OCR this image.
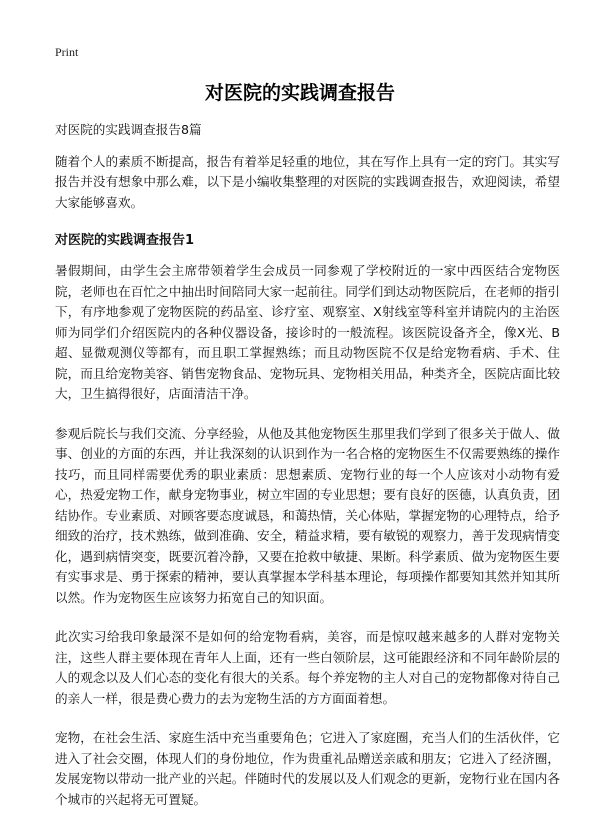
Print
对医院的实践调查报告

对医院的实践调查报告8篇

随着个人的素质不断提高，报告有着举足轻重的地位，其在写作上具有一定的窍门。其实写报告并没有想象中那么难，以下是小编收集整理的对医院的实践调查报告，欢迎阅读，希望大家能够喜欢。

对医院的实践调查报告1

暑假期间，由学生会主席带领着学生会成员一同参观了学校附近的一家中西医结合宠物医院，老师也在百忙之中抽出时间陪同大家一起前往。同学们到达动物医院后，在老师的指引下，有序地参观了宠物医院的药品室、诊疗室、观察室、X射线室等科室并请院内的主治医师为同学们介绍医院内的各种仪器设备，接诊时的一般流程。该医院设备齐全，像X光、B超、显微观测仪等都有，而且职工掌握熟练；而且动物医院不仅是给宠物看病、手术、住院，而且给宠物美容、销售宠物食品、宠物玩具、宠物相关用品，种类齐全，医院店面比较大，卫生搞得很好，店面清洁干净。

参观后院长与我们交流、分享经验，从他及其他宠物医生那里我们学到了很多关于做人、做事、创业的方面的东西，并让我深刻的认识到作为一名合格的宠物医生不仅需要熟练的操作技巧，而且同样需要优秀的职业素质：思想素质、宠物行业的每一个人应该对小动物有爱心，热爱宠物工作，献身宠物事业，树立牢固的专业思想；要有良好的医德，认真负责，团结协作。专业素质、对顾客要态度诚恳，和蔼热情，关心体贴，掌握宠物的心理特点，给予细致的治疗，技术熟练，做到准确、安全，精益求精，要有敏锐的观察力，善于发现病情变化，遇到病情突变，既要沉着冷静，又要在抢救中敏捷、果断。科学素质、做为宠物医生要有实事求是、勇于探索的精神，要认真掌握本学科基本理论，每项操作都要知其然并知其所以然。作为宠物医生应该努力拓宽自己的知识面。

此次实习给我印象最深不是如何的给宠物看病，美容，而是惊叹越来越多的人群对宠物关注，这些人群主要体现在青年人上面，还有一些白领阶层，这可能跟经济和不同年龄阶层的人的观念以及人们心态的变化有很大的关系。每个养宠物的主人对自己的宠物都像对待自己的亲人一样，很是费心费力的去为宠物生活的方方面面着想。

宠物，在社会生活、家庭生活中充当重要角色；它进入了家庭圈，充当人们的生活伙伴，它进入了社会交圈，体现人们的身份地位，作为贵重礼品赠送亲戚和朋友；它进入了经济圈，发展宠物以带动一批产业的兴起。伴随时代的发展以及人们观念的更新，宠物行业在国内各个城市的兴起将无可置疑。
